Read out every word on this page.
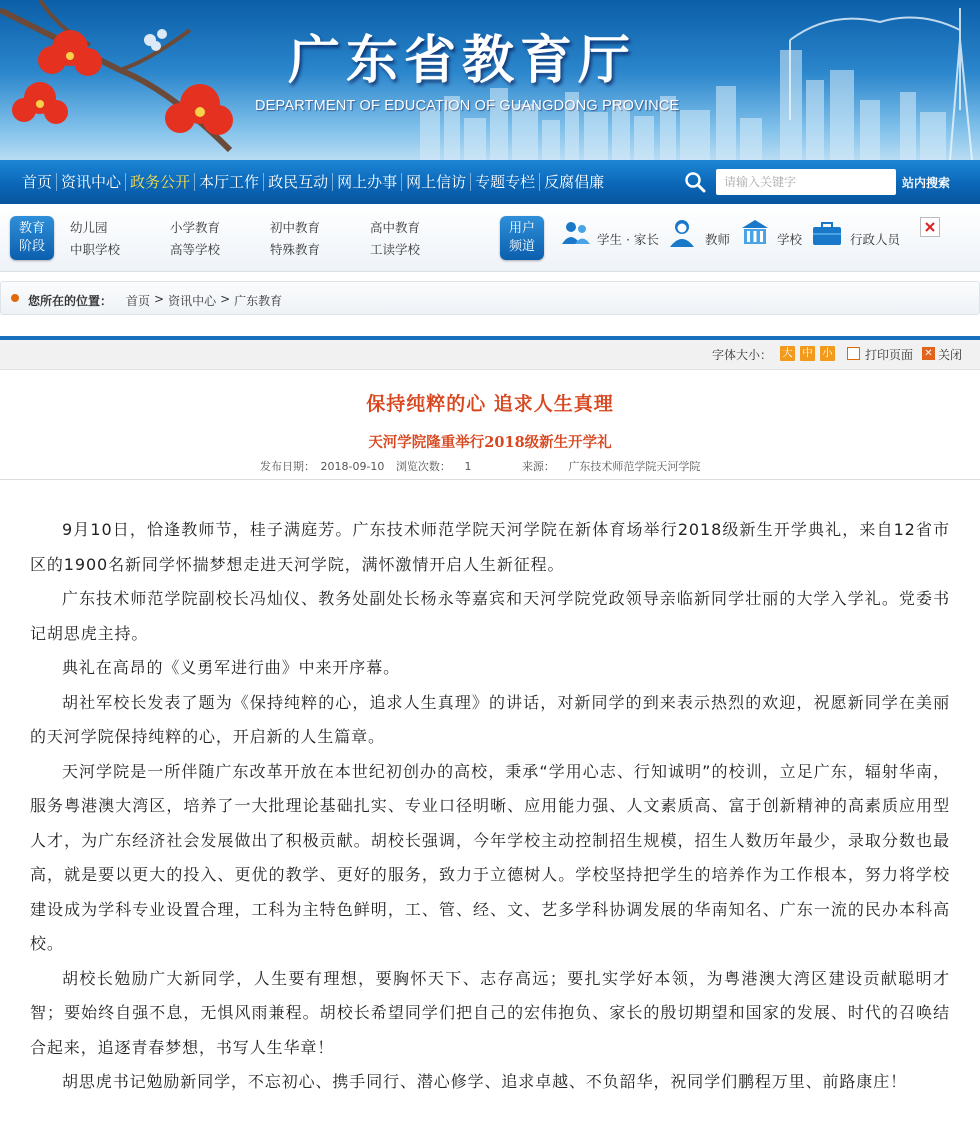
广东省教育厅
DEPARTMENT OF EDUCATION OF GUANGDONG PROVINCE
首页 资讯中心 政务公开 本厅工作 政民互动 网上办事 网上信访 专题专栏 反腐倡廉
请输入关键字	站内搜索
教育
阶段
幼儿园	小学教育	初中教育	高中教育
中职学校	高等学校	特殊教育	工读学校
用户
频道	学生 · 家长	教师	学校	行政人员
您所在的位置： 首页 > 资讯中心 > 广东教育
字体大小： 大 中 小	打印页面 ✕ 关闭
保持纯粹的心 追求人生真理
天河学院隆重举行2018级新生开学礼
发布日期： 2018-09-10 浏览次数： 1	来源： 广东技术师范学院天河学院

9月10日，恰逢教师节，桂子满庭芳。广东技术师范学院天河学院在新体育场举行2018级新生开学典礼，来自12省市区的1900名新同学怀揣梦想走进天河学院，满怀激情开启人生新征程。

广东技术师范学院副校长冯灿仪、教务处副处长杨永等嘉宾和天河学院党政领导亲临新同学壮丽的大学入学礼。党委书记胡思虎主持。

典礼在高昂的《义勇军进行曲》中来开序幕。

胡社军校长发表了题为《保持纯粹的心，追求人生真理》的讲话，对新同学的到来表示热烈的欢迎，祝愿新同学在美丽的天河学院保持纯粹的心，开启新的人生篇章。

天河学院是一所伴随广东改革开放在本世纪初创办的高校，秉承“学用心志、行知诚明”的校训，立足广东，辐射华南，服务粤港澳大湾区，培养了一大批理论基础扎实、专业口径明晰、应用能力强、人文素质高、富于创新精神的高素质应用型人才，为广东经济社会发展做出了积极贡献。胡校长强调，今年学校主动控制招生规模，招生人数历年最少，录取分数也最高，就是要以更大的投入、更优的教学、更好的服务，致力于立德树人。学校坚持把学生的培养作为工作根本，努力将学校建设成为学科专业设置合理，工科为主特色鲜明，工、管、经、文、艺多学科协调发展的华南知名、广东一流的民办本科高校。

胡校长勉励广大新同学，人生要有理想，要胸怀天下、志存高远；要扎实学好本领，为粤港澳大湾区建设贡献聪明才智；要始终自强不息，无惧风雨兼程。胡校长希望同学们把自己的宏伟抱负、家长的殷切期望和国家的发展、时代的召唤结合起来，追逐青春梦想，书写人生华章！

胡思虎书记勉励新同学，不忘初心、携手同行、潜心修学、追求卓越、不负韶华，祝同学们鹏程万里、前路康庄！
